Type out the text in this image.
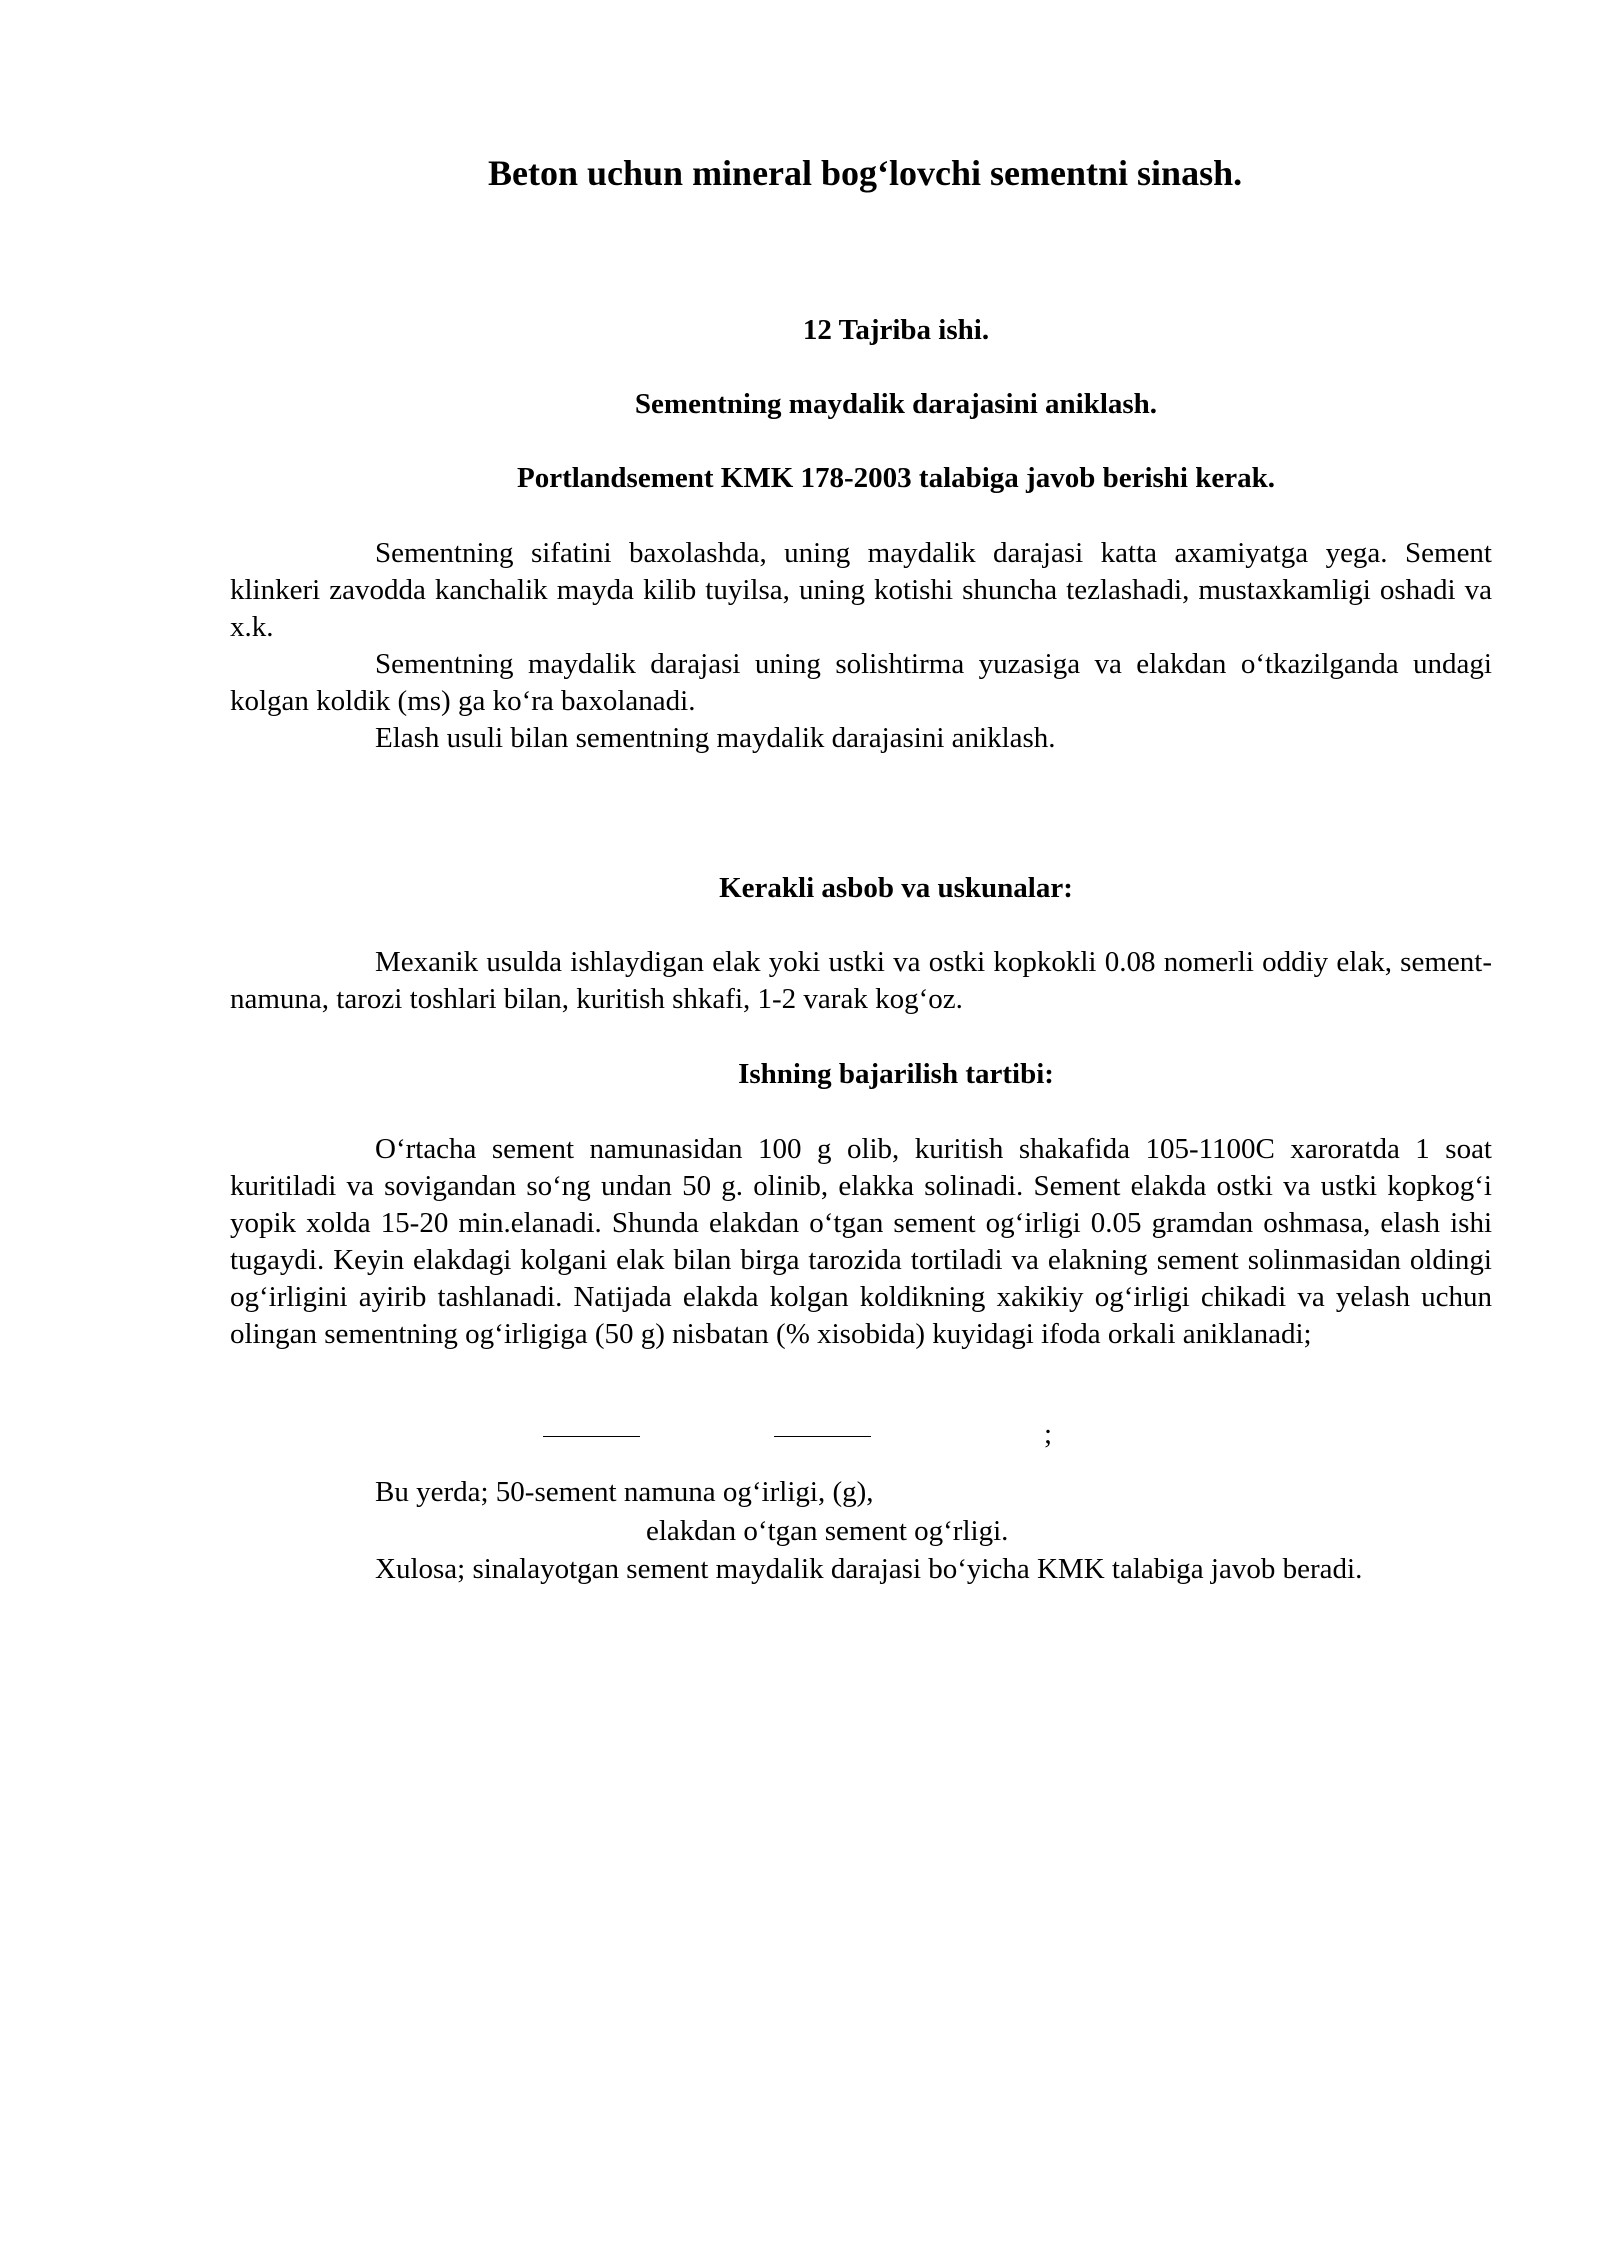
Beton uchun mineral bog‘lovchi sementni sinash.
12 Tajriba ishi.
Sementning maydalik darajasini aniklash.
Portlandsement KMK 178-2003 talabiga javob berishi kerak.

Sementning sifatini baxolashda, uning maydalik darajasi katta axamiyatga yega. Sement klinkeri zavodda kanchalik mayda kilib tuyilsa, uning kotishi shuncha tezlashadi, mustaxkamligi oshadi va x.k.

Sementning maydalik darajasi uning solishtirma yuzasiga va elakdan o‘tkazilganda undagi kolgan koldik (ms) ga ko‘ra baxolanadi.

Elash usuli bilan sementning maydalik darajasini aniklash.

Kerakli asbob va uskunalar:

Mexanik usulda ishlaydigan elak yoki ustki va ostki kopkokli 0.08 nomerli oddiy elak, sement-namuna, tarozi toshlari bilan, kuritish shkafi, 1-2 varak kog‘oz.

Ishning bajarilish tartibi:

O‘rtacha sement namunasidan 100 g olib, kuritish shakafida 105-1100C xaroratda 1 soat kuritiladi va sovigandan so‘ng undan 50 g. olinib, elakka solinadi. Sement elakda ostki va ustki kopkog‘i yopik xolda 15-20 min.elanadi. Shunda elakdan o‘tgan sement og‘irligi 0.05 gramdan oshmasa, elash ishi tugaydi. Keyin elakdagi kolgani elak bilan birga tarozida tortiladi va elakning sement solinmasidan oldingi og‘irligini ayirib tashlanadi. Natijada elakda kolgan koldikning xakikiy og‘irligi chikadi va yelash uchun olingan sementning og‘irligiga (50 g) nisbatan (% xisobida) kuyidagi ifoda orkali aniklanadi;

;
Bu yerda; 50-sement namuna og‘irligi, (g),
elakdan o‘tgan sement og‘rligi.
Xulosa; sinalayotgan sement maydalik darajasi bo‘yicha KMK talabiga javob beradi.
